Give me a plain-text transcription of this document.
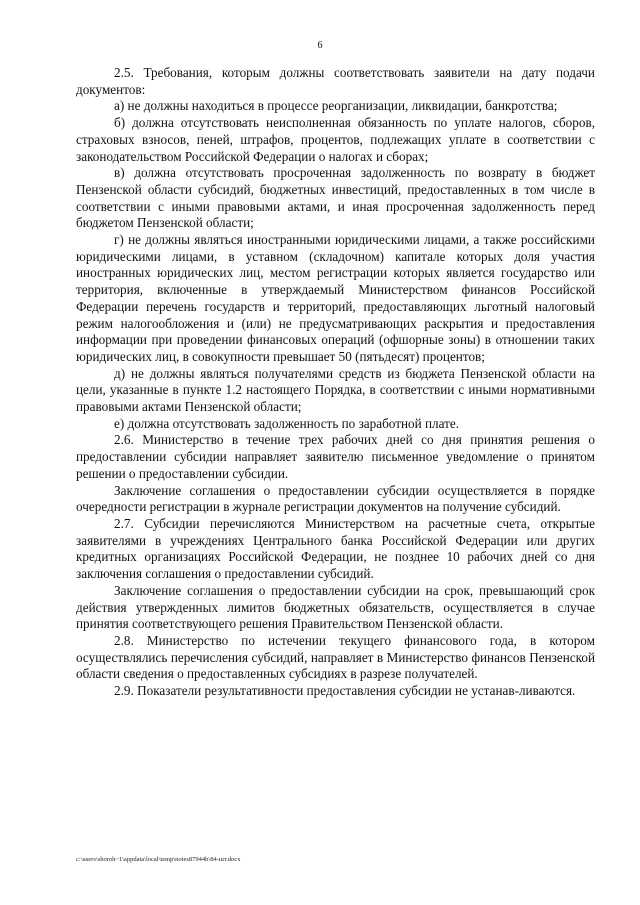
6

2.5. Требования, которым должны соответствовать заявители на дату подачи документов:

а) не должны находиться в процессе реорганизации, ликвидации, банкротства;

б) должна отсутствовать неисполненная обязанность по уплате налогов, сборов, страховых взносов, пеней, штрафов, процентов, подлежащих уплате в соответствии с законодательством Российской Федерации о налогах и сборах;

в) должна отсутствовать просроченная задолженность по возврату в бюджет Пензенской области субсидий, бюджетных инвестиций, предоставленных в том числе в соответствии с иными правовыми актами, и иная просроченная задолженность перед бюджетом Пензенской области;

г) не должны являться иностранными юридическими лицами, а также российскими юридическими лицами, в уставном (складочном) капитале которых доля участия иностранных юридических лиц, местом регистрации которых является государство или территория, включенные в утверждаемый Министерством финансов Российской Федерации перечень государств и территорий, предоставляющих льготный налоговый режим налогообложения и (или) не предусматривающих раскрытия и предоставления информации при проведении финансовых операций (офшорные зоны) в отношении таких юридических лиц, в совокупности превышает 50 (пятьдесят) процентов;

д) не должны являться получателями средств из бюджета Пензенской области на цели, указанные в пункте 1.2 настоящего Порядка, в соответствии с иными нормативными правовыми актами Пензенской области;

е) должна отсутствовать задолженность по заработной плате.

2.6. Министерство в течение трех рабочих дней со дня принятия решения о предоставлении субсидии направляет заявителю письменное уведомление о принятом решении о предоставлении субсидии.

Заключение соглашения о предоставлении субсидии осуществляется в порядке очередности регистрации в журнале регистрации документов на получение субсидий.

2.7. Субсидии перечисляются Министерством на расчетные счета, открытые заявителями в учреждениях Центрального банка Российской Федерации или других кредитных организациях Российской Федерации, не позднее 10 рабочих дней со дня заключения соглашения о предоставлении субсидий.

Заключение соглашения о предоставлении субсидии на срок, превышающий срок действия утвержденных лимитов бюджетных обязательств, осуществляется в случае принятия соответствующего решения Правительством Пензенской области.

2.8. Министерство по истечении текущего финансового года, в котором осуществлялись перечисления субсидий, направляет в Министерство финансов Пензенской области сведения о предоставленных субсидиях в разрезе получателей.

2.9. Показатели результативности предоставления субсидии не устанав-ливаются.

c:\users\shoroh~1\appdata\local\temp\notes87944b\84-шт.docx
